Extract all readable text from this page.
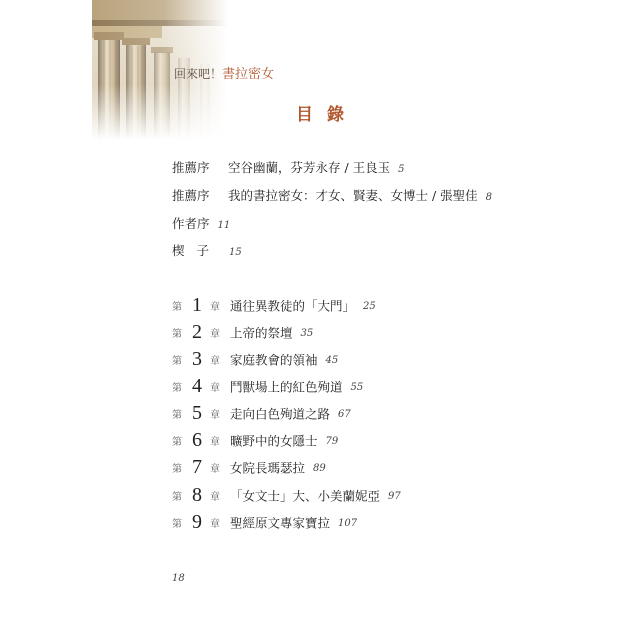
回來吧！書拉密女
目錄
推薦序 空谷幽蘭，芬芳永存 / 王良玉 5
推薦序 我的書拉密女：才女、賢妻、女博士 / 張聖佳 8
作者序 11
楔子 15
第 1 章 通往異教徒的「大門」 25
第 2 章 上帝的祭壇 35
第 3 章 家庭教會的領袖 45
第 4 章 鬥獸場上的紅色殉道 55
第 5 章 走向白色殉道之路 67
第 6 章 曠野中的女隱士 79
第 7 章 女院長瑪瑟拉 89
第 8 章 「女文士」大、小美蘭妮亞 97
第 9 章 聖經原文專家寶拉 107
18
